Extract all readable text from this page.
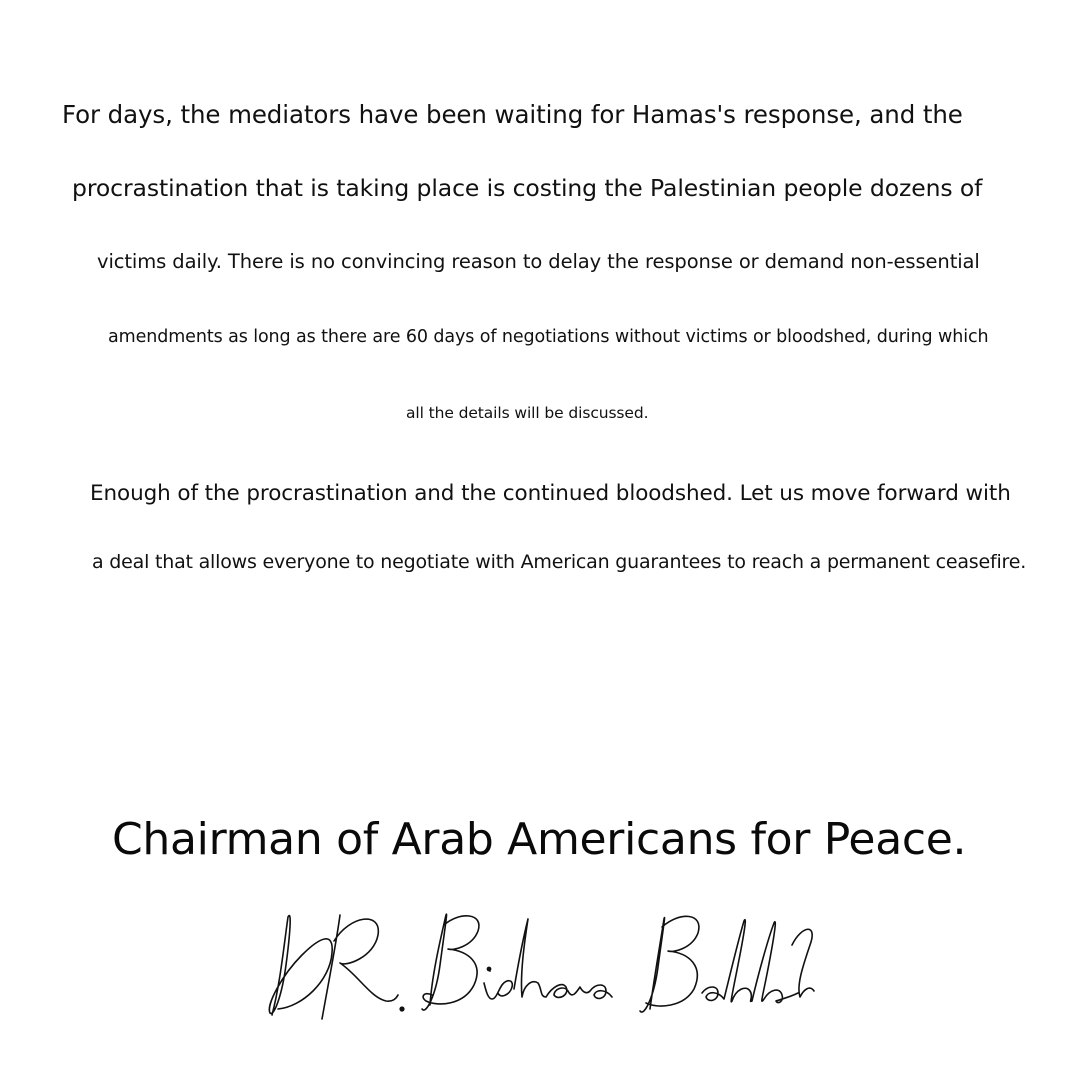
For days, the mediators have been waiting for Hamas's response, and the

procrastination that is taking place is costing the Palestinian people dozens of

victims daily. There is no convincing reason to delay the response or demand non-essential

amendments as long as there are 60 days of negotiations without victims or bloodshed, during which

all the details will be discussed.

Enough of the procrastination and the continued bloodshed. Let us move forward with

a deal that allows everyone to negotiate with American guarantees to reach a permanent ceasefire.

Chairman of Arab Americans for Peace.
